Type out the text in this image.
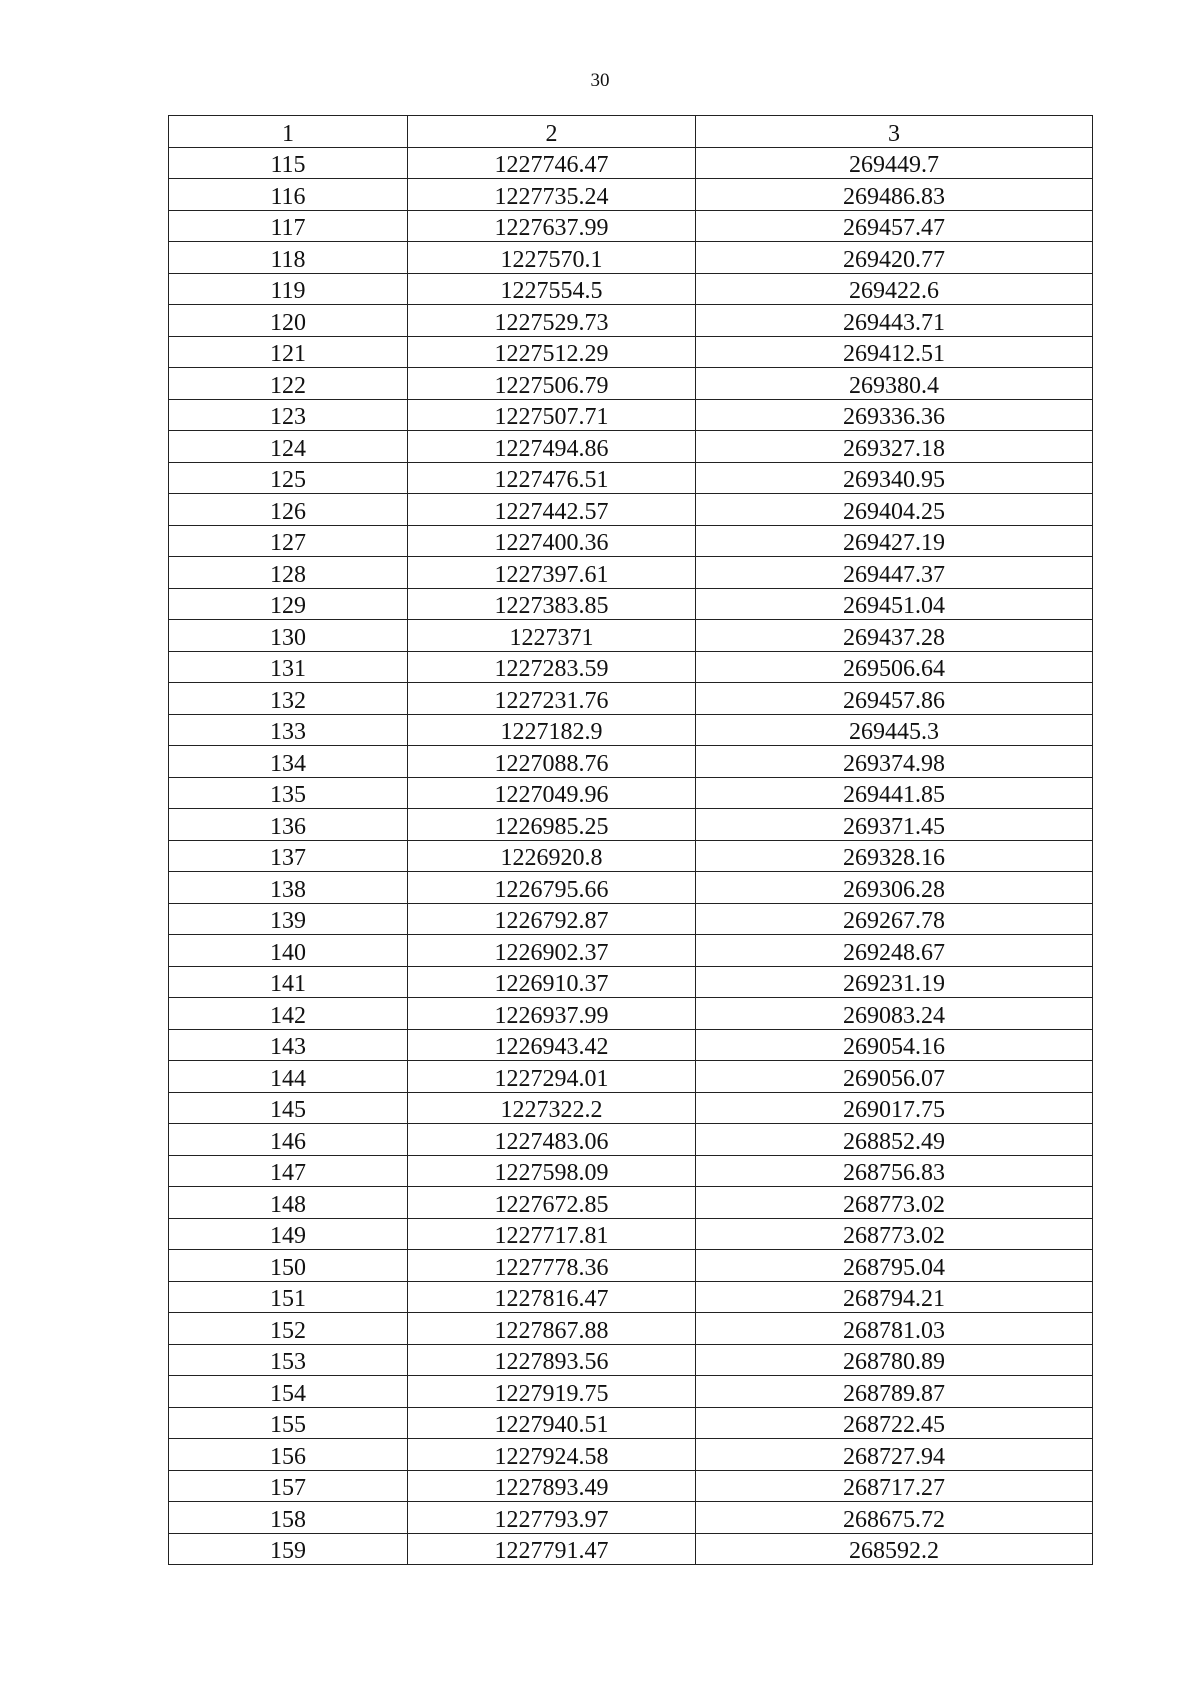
30
1	2	3
115	1227746.47	269449.7
116	1227735.24	269486.83
117	1227637.99	269457.47
118	1227570.1	269420.77
119	1227554.5	269422.6
120	1227529.73	269443.71
121	1227512.29	269412.51
122	1227506.79	269380.4
123	1227507.71	269336.36
124	1227494.86	269327.18
125	1227476.51	269340.95
126	1227442.57	269404.25
127	1227400.36	269427.19
128	1227397.61	269447.37
129	1227383.85	269451.04
130	1227371	269437.28
131	1227283.59	269506.64
132	1227231.76	269457.86
133	1227182.9	269445.3
134	1227088.76	269374.98
135	1227049.96	269441.85
136	1226985.25	269371.45
137	1226920.8	269328.16
138	1226795.66	269306.28
139	1226792.87	269267.78
140	1226902.37	269248.67
141	1226910.37	269231.19
142	1226937.99	269083.24
143	1226943.42	269054.16
144	1227294.01	269056.07
145	1227322.2	269017.75
146	1227483.06	268852.49
147	1227598.09	268756.83
148	1227672.85	268773.02
149	1227717.81	268773.02
150	1227778.36	268795.04
151	1227816.47	268794.21
152	1227867.88	268781.03
153	1227893.56	268780.89
154	1227919.75	268789.87
155	1227940.51	268722.45
156	1227924.58	268727.94
157	1227893.49	268717.27
158	1227793.97	268675.72
159	1227791.47	268592.2
